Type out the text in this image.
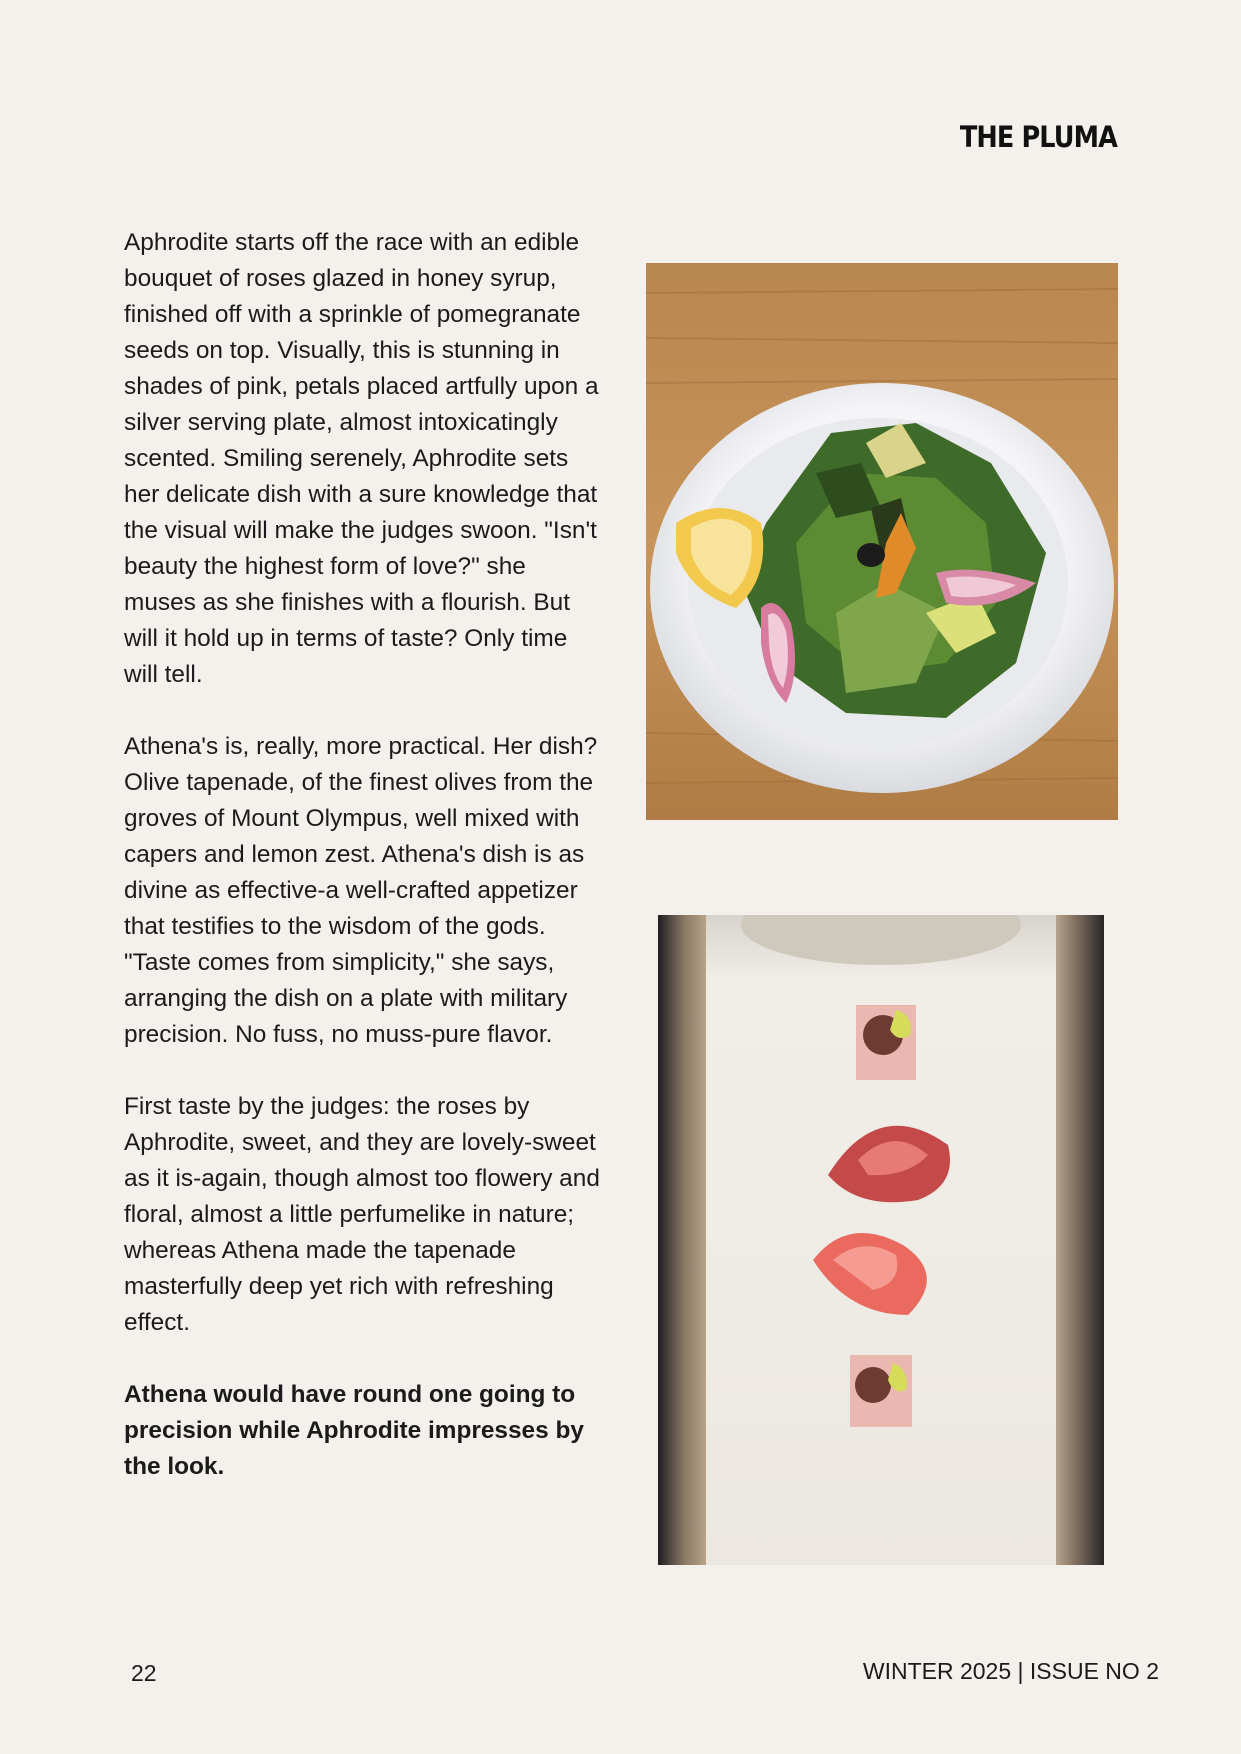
THE PLUMA

Aphrodite starts off the race with an edible bouquet of roses glazed in honey syrup, finished off with a sprinkle of pomegranate seeds on top. Visually, this is stunning in shades of pink, petals placed artfully upon a silver serving plate, almost intoxicatingly scented. Smiling serenely, Aphrodite sets her delicate dish with a sure knowledge that the visual will make the judges swoon. "Isn't beauty the highest form of love?" she muses as she finishes with a flourish. But will it hold up in terms of taste? Only time will tell.

Athena's is, really, more practical. Her dish? Olive tapenade, of the finest olives from the groves of Mount Olympus, well mixed with capers and lemon zest. Athena's dish is as divine as effective-a well-crafted appetizer that testifies to the wisdom of the gods. "Taste comes from simplicity," she says, arranging the dish on a plate with military precision. No fuss, no muss-pure flavor.

First taste by the judges: the roses by Aphrodite, sweet, and they are lovely-sweet as it is-again, though almost too flowery and floral, almost a little perfumelike in nature; whereas Athena made the tapenade masterfully deep yet rich with refreshing effect.

Athena would have round one going to precision while Aphrodite impresses by the look.

22	WINTER 2025 | ISSUE NO 2
